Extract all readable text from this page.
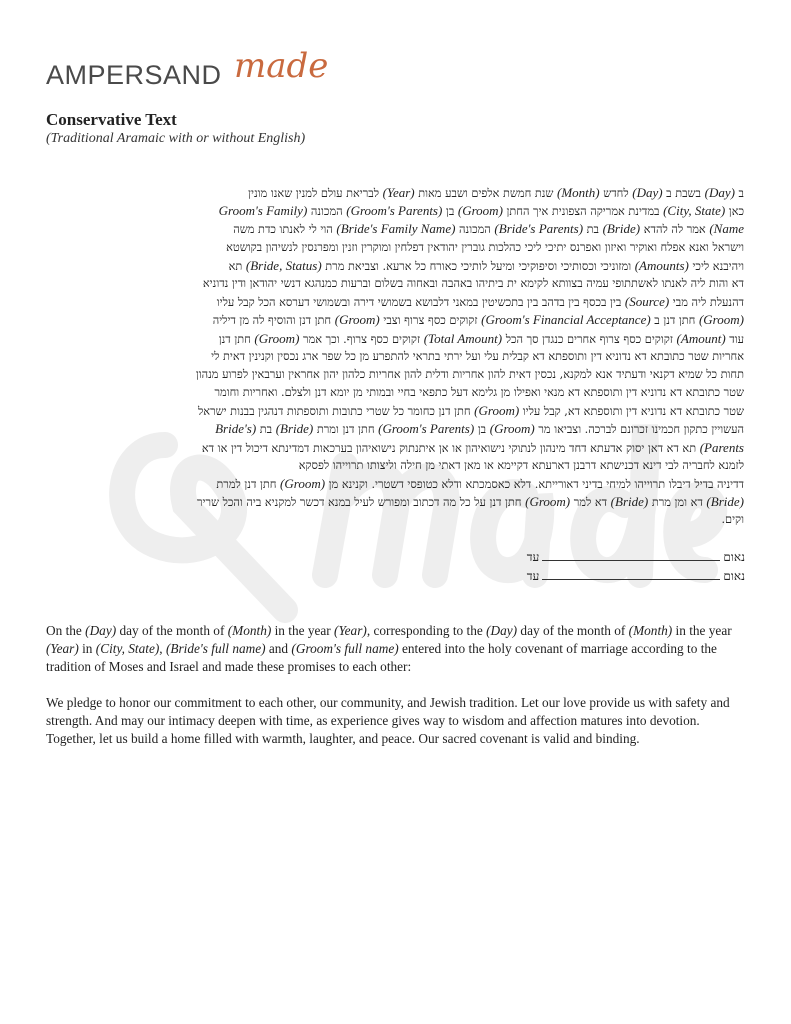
AMPERSAND made
Conservative Text
(Traditional Aramaic with or without English)
ב (Day) בשבת ב (Day) לחדש (Month) שנת חמשת אלפים ושבע מאות (Year) לבריאת עולם למנין שאנו מונין
כאן (City, State) במדינת אמריקה הצפונית איך החתן (Groom) בן (Groom's Parents) המכונה (Groom's Family
Name) אמר לה להדא (Bride) בת (Bride's Parents) המכונה (Bride's Family Name) הוי לי לאנתו כדת משה
וישראל ואנא אפלח ואוקיר ואיזון ואפרנס יתיכי ליכי כהלכות גוברין יהודאין דפלחין ומוקרין וזנין ומפרנסין לנשיהון בקושטא
ויהיבנא ליכי (Amounts) ומזוניכי וכסותיכי וסיפוקיכי ומיעל לותיכי כאורח כל ארעא. וצביאת מרת (Bride, Status) תא
דא והות ליה לאנתו לאשתתופי עמיה בצוותא לקימא ית ביתיהו באהבה ובאחוה בשלום וברעות כמנהגא דנשי יהודאן ודין נדוניא
דהנעלת ליה מבי (Source) בין בכסף בין בדהב בין בתכשיטין במאני דלבושא בשמושי דירה ובשמושי דערסא הכל קבל עליו
(Groom) חתן דנן ב (Groom's Financial Acceptance) זקוקים כסף צרוף וצבי (Groom) חתן דנן והוסיף לה מן דיליה
עוד (Amount) זקוקים כסף צרוף אחרים כנגדן סך הכל (Total Amount) זקוקים כסף צרוף. וכך אמר (Groom) חתן דנן
אחריות שטר כתובתא דא נדוניא דין ותוספתא דא קבלית עלי ועל ירתי בתראי להתפרע מן כל שפר ארג נכסין וקנינין דאית לי
תחות כל שמיא דקנאי ודעתיד אנא למקנא, נכסין דאית להון אחריות ודלית להון אחריות כלהון יהון אחראין וערבאין לפרוע מנהון
שטר כתובתא דא נדוניא דין ותוספתא דא מנאי ואפילו מן גלימא דעל כתפאי בחיי ובמותי מן יומא דנן ולצלם. ואחריות וחומר
שטר כתובתא דא נדוניא דין ותוספתא דא, קבל עליו (Groom) חתן דנן כחומר כל שטרי כתובות ותוספתות דנהגין בבנות ישראל
העשויין כתקון חכמינו זכרונם לברכה. וצביאו מר (Groom) בן (Groom's Parents) חתן דנן ומרת (Bride) בת (Bride's
Parents) תא דא דאן יסוק אדעתא דחד מינהון לנתוקי נישואיהון או אן איתנתוק נישואיהון בערכאות דמדינתא דיכול דין או דא
לזמנא לחבריה לבי דינא דכנישתא דרבנן דארעתא דקיימא או מאן דאתי מן חילה וליצותו תרוייהו לפסקא
דדיניה בדיל דיבלו תרוייהו למיחי בדיני דאורייתא. דלא כאסמכתא ודלא כטופסי דשטרי. וקנינא מן (Groom) חתן דנן למרת
(Bride) דא ומן מרת (Bride) דא למר (Groom) חתן דנן על כל מה דכתוב ומפורש לעיל במנא דכשר למקניא ביה והכל שריר
וקים.
נאוםעד
נאוםעד
On the (Day) day of the month of (Month) in the year (Year), corresponding to the (Day) day of the month of (Month) in the year (Year) in (City, State), (Bride's full name) and (Groom's full name) entered into the holy covenant of marriage according to the tradition of Moses and Israel and made these promises to each other:
We pledge to honor our commitment to each other, our community, and Jewish tradition. Let our love provide us with safety and strength. And may our intimacy deepen with time, as experience gives way to wisdom and affection matures into devotion. Together, let us build a home filled with warmth, laughter, and peace. Our sacred covenant is valid and binding.
